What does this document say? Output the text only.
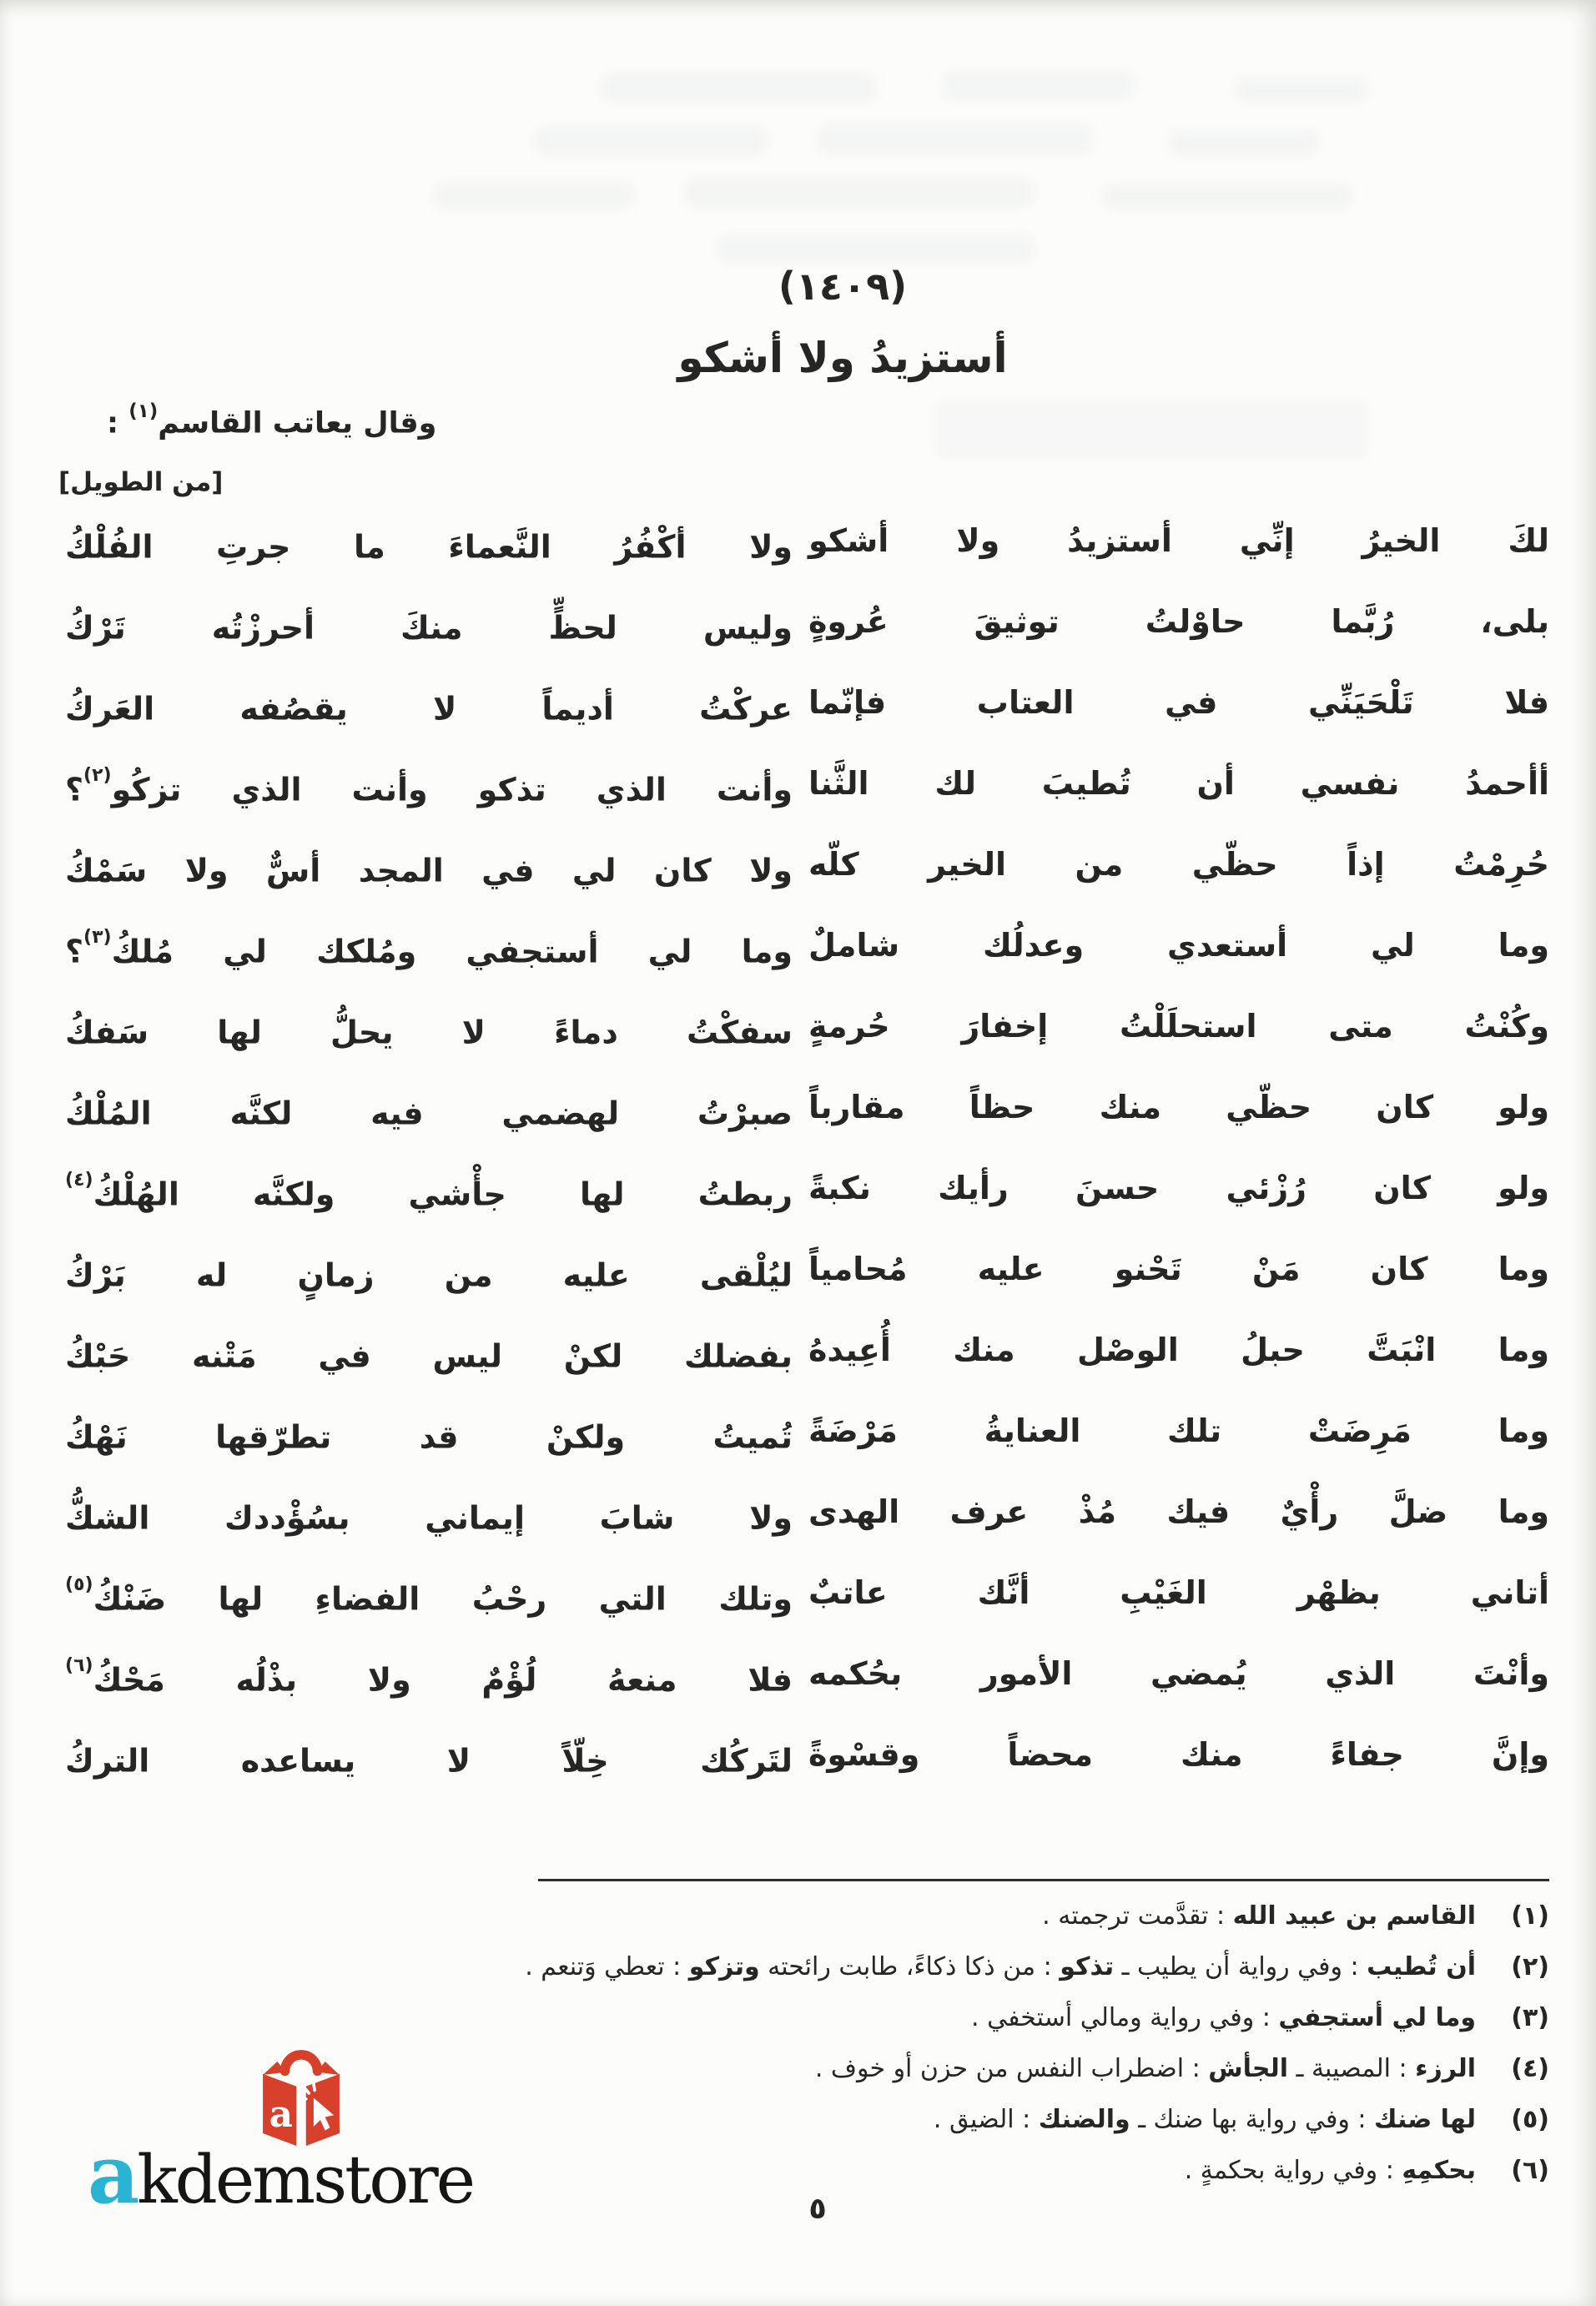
(١٤٠٩)
أستزيدُ ولا أشكو
وقال يعاتب القاسم$^{(١)}$ :
[من الطويل]
لكَ الخيرُ إنِّي أستزيدُ ولا أشكو
ولا أكْفُرُ النَّعماءَ ما جرتِ الفُلْكُ
بلى، رُبَّما حاوْلتُ توثيقَ عُروةٍ
وليس لحظٍّ منكَ أحرزْتُه تَرْكُ
فلا تَلْحَيَنِّي في العتاب فإنّما
عركْتُ أديماً لا يقصُفه العَركُ
أأحمدُ نفسي أن تُطيبَ لك الثَّنا
وأنت الذي تذكو وأنت الذي تزكُو$^{(٢)}$؟
حُرِمْتُ إذاً حظّي من الخير كلّه
ولا كان لي في المجد أسٌّ ولا سَمْكُ
وما لي أستعدي وعدلُك شاملٌ
وما لي أستجفي ومُلكك لي مُلكُ$^{(٣)}$؟
وكُنْتُ متى استحلَلْتُ إخفارَ حُرمةٍ
سفكْتُ دماءً لا يحلُّ لها سَفكُ
ولو كان حظّي منك حظاً مقارباً
صبرْتُ لهضمي فيه لكنَّه المُلْكُ
ولو كان رُزْئي حسنَ رأيك نكبةً
ربطتُ لها جأْشي ولكنَّه الهُلْكُ$^{(٤)}$
وما كان مَنْ تَحْنو عليه مُحامياً
ليُلْقى عليه من زمانٍ له بَرْكُ
وما انْبَتَّ حبلُ الوصْل منك أُعِيدهُ
بفضلك لكنْ ليس في مَتْنه حَبْكُ
وما مَرِضَتْ تلك العنايةُ مَرْضَةً
تُميتُ ولكنْ قد تطرّقها نَهْكُ
وما ضلَّ رأْيٌ فيك مُذْ عرف الهدى
ولا شابَ إيماني بسُؤْددك الشكُّ
أتاني بظهْر الغَيْبِ أنَّك عاتبٌ
وتلك التي رحْبُ الفضاءِ لها ضَنْكُ$^{(٥)}$
وأنْتَ الذي يُمضي الأمور بحُكمه
فلا منعهُ لُؤْمٌ ولا بذْلُه مَحْكُ$^{(٦)}$
وإنَّ جفاءً منك محضاً وقسْوةً
لتَركُك خِلّاً لا يساعده التركُ
(١)
القاسم بن عبيد الله : تقدَّمت ترجمته .
(٢)
أن تُطيب : وفي رواية أن يطيب ـ تذكو : من ذكا ذكاءً، طابت رائحته وتزكو : تعطي وَتنعم .
(٣)
وما لي أستجفي : وفي رواية ومالي أستخفي .
(٤)
الرزء : المصيبة ـ الجأش : اضطراب النفس من حزن أو خوف .
(٥)
لها ضنك : وفي رواية بها ضنك ـ والضنك : الضيق .
(٦)
بحكمِهِ : وفي رواية بحكمةٍ .
a
akdemstore	٥
